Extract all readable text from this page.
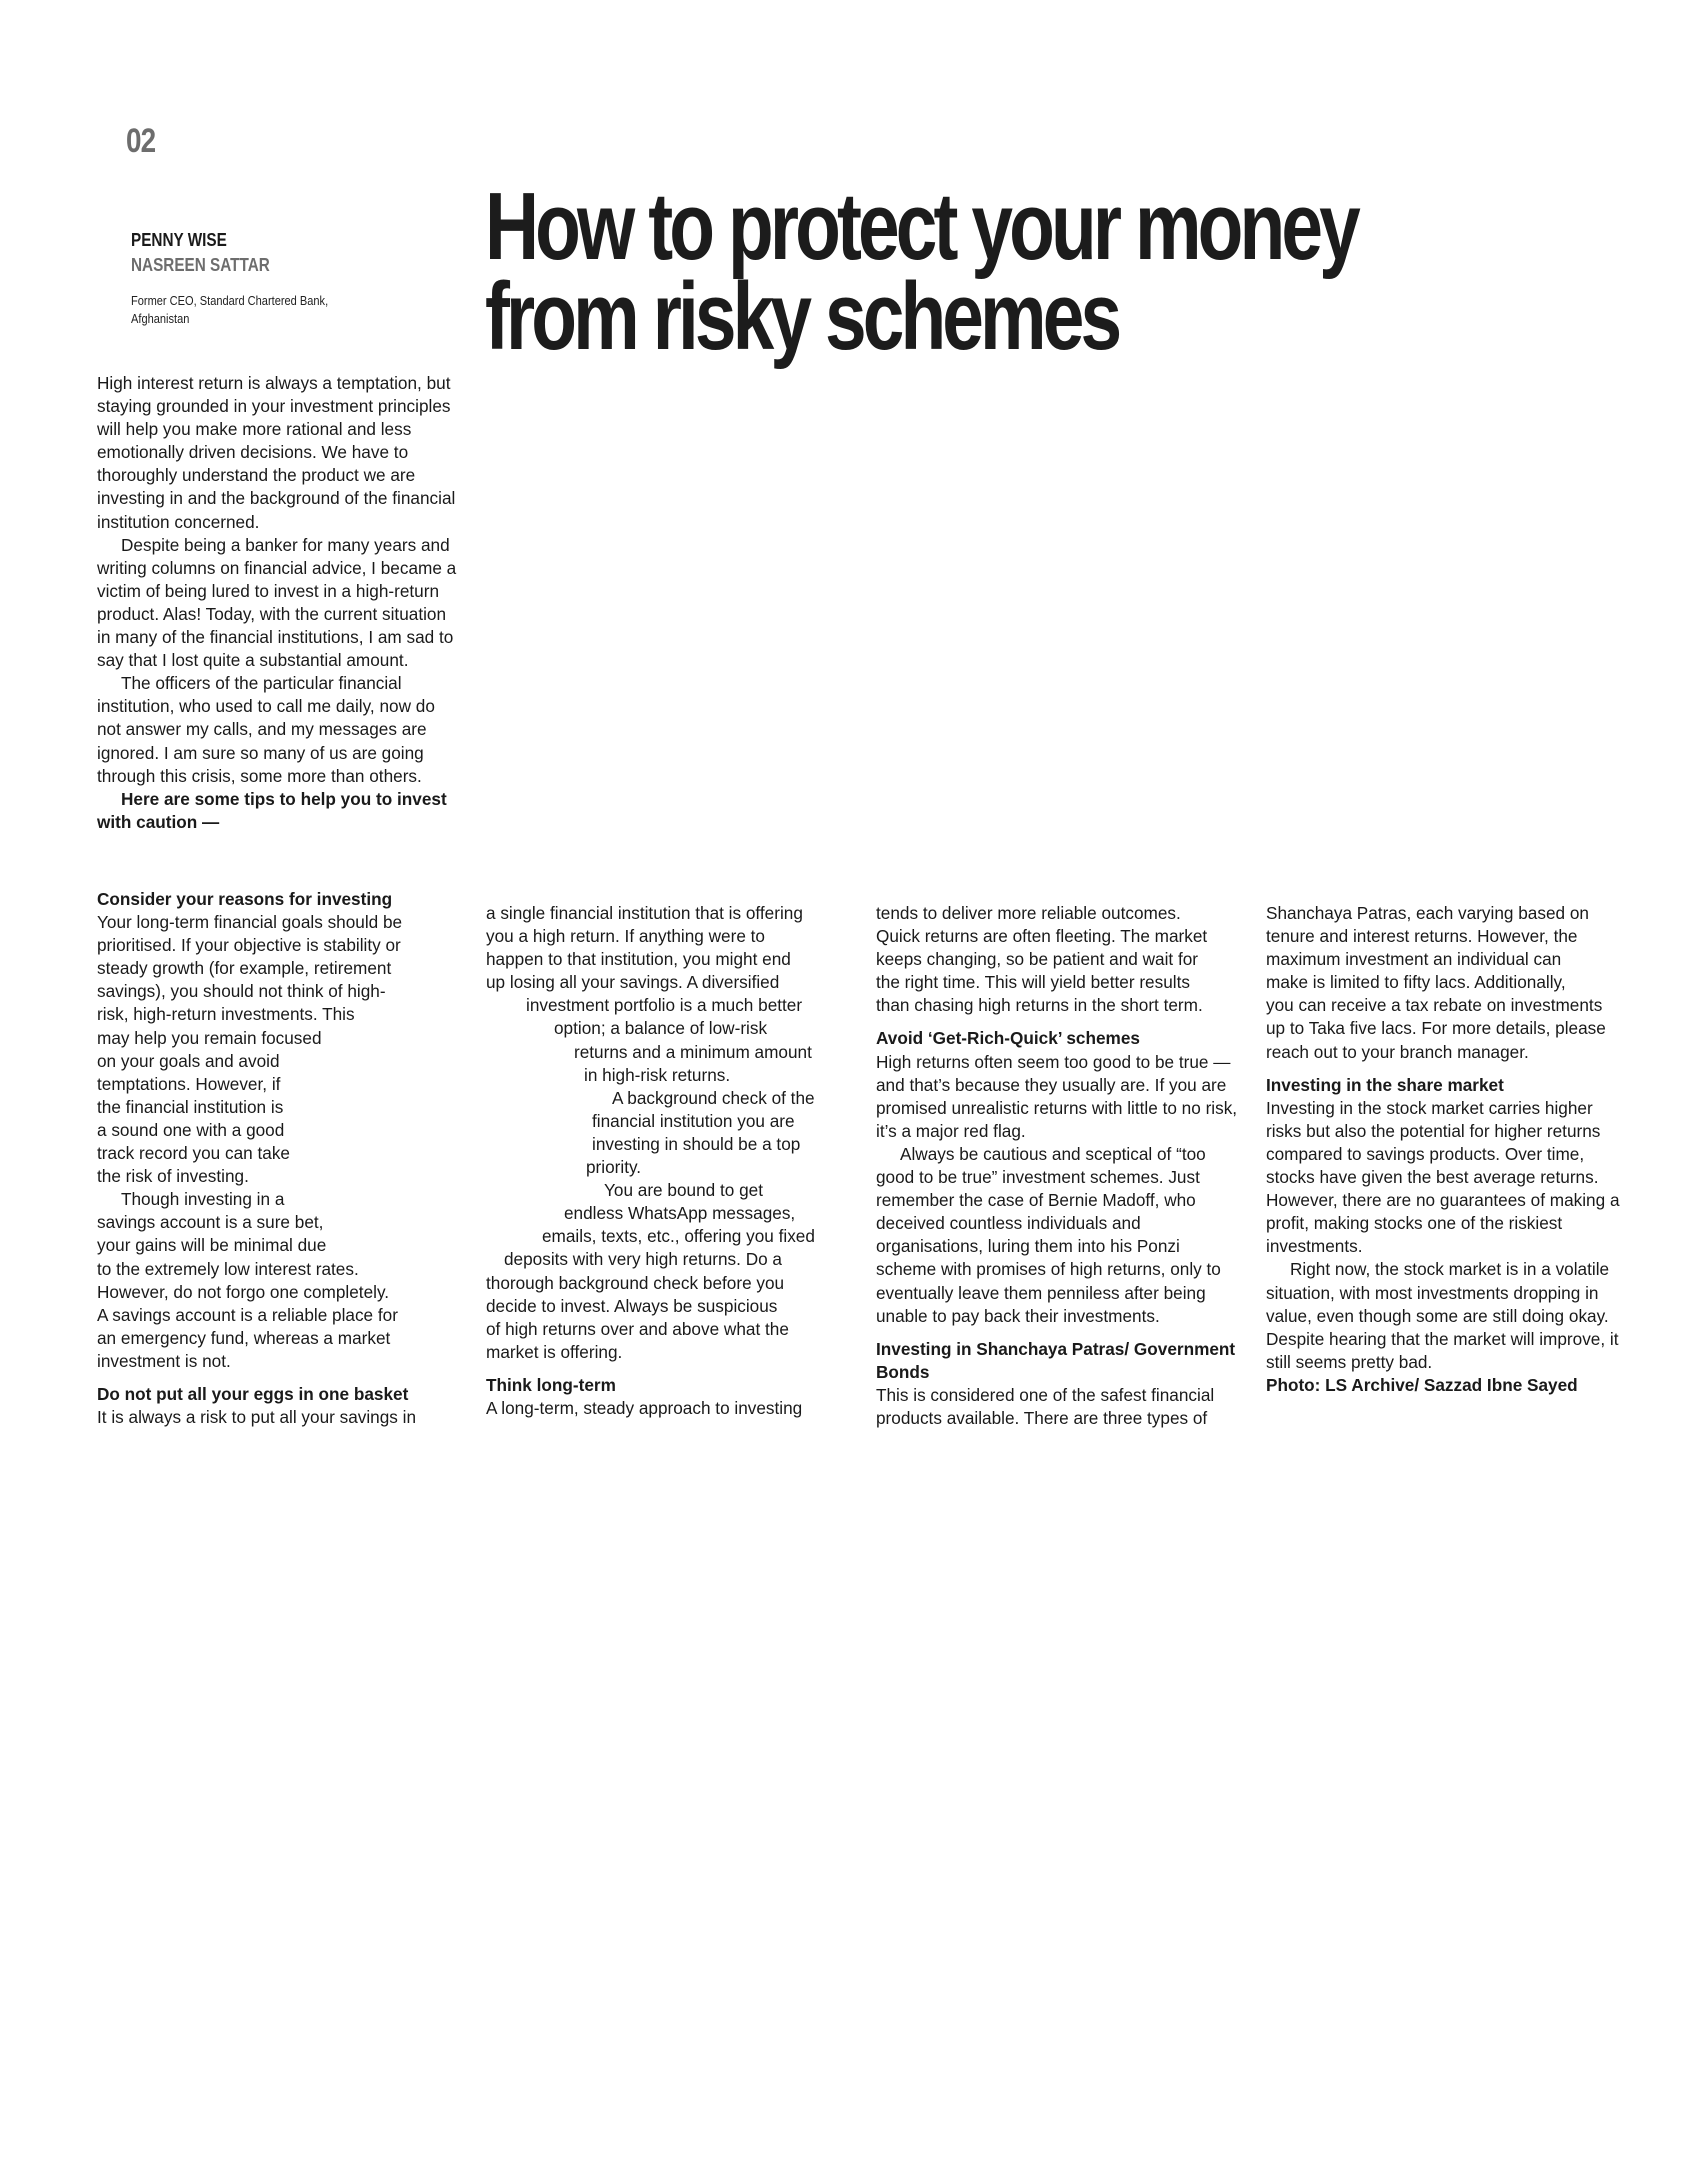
02
PENNY WISE
NASREEN SATTAR
Former CEO, Standard Chartered Bank, Afghanistan
How to protect your money from risky schemes

High interest return is always a temptation, but staying grounded in your investment principles will help you make more rational and less emotionally driven decisions. We have to thoroughly understand the product we are investing in and the background of the financial institution concerned.

Despite being a banker for many years and writing columns on financial advice, I became a victim of being lured to invest in a high-return product. Alas! Today, with the current situation in many of the financial institutions, I am sad to say that I lost quite a substantial amount.

The officers of the particular financial institution, who used to call me daily, now do not answer my calls, and my messages are ignored. I am sure so many of us are going through this crisis, some more than others.

Here are some tips to help you to invest with caution —

Consider your reasons for investing

Your long-term financial goals should be
prioritised. If your objective is stability or
steady growth (for example, retirement
savings), you should not think of high-
risk, high-return investments. This
may help you remain focused
on your goals and avoid
temptations. However, if
the financial institution is
a sound one with a good
track record you can take
the risk of investing.
Though investing in a
savings account is a sure bet,
your gains will be minimal due
to the extremely low interest rates.
However, do not forgo one completely.
A savings account is a reliable place for
an emergency fund, whereas a market
investment is not.

Do not put all your eggs in one basket

It is always a risk to put all your savings in
a single financial institution that is offering
you a high return. If anything were to
happen to that institution, you might end
up losing all your savings. A diversified
investment portfolio is a much better
option; a balance of low-risk
returns and a minimum amount
in high-risk returns.
A background check of the
financial institution you are
investing in should be a top
priority.
You are bound to get
endless WhatsApp messages,
emails, texts, etc., offering you fixed
deposits with very high returns. Do a
thorough background check before you
decide to invest. Always be suspicious
of high returns over and above what the
market is offering.

Think long-term

A long-term, steady approach to investing
tends to deliver more reliable outcomes.
Quick returns are often fleeting. The market
keeps changing, so be patient and wait for
the right time. This will yield better results
than chasing high returns in the short term.

Avoid ‘Get-Rich-Quick’ schemes

High returns often seem too good to be true — and that’s because they usually are. If you are promised unrealistic returns with little to no risk, it’s a major red flag.

Always be cautious and sceptical of “too good to be true” investment schemes. Just remember the case of Bernie Madoff, who deceived countless individuals and organisations, luring them into his Ponzi scheme with promises of high returns, only to eventually leave them penniless after being unable to pay back their investments.

Investing in Shanchaya Patras/ Government Bonds

This is considered one of the safest financial
products available. There are three types of
Shanchaya Patras, each varying based on
tenure and interest returns. However, the
maximum investment an individual can
make is limited to fifty lacs. Additionally,
you can receive a tax rebate on investments
up to Taka five lacs. For more details, please
reach out to your branch manager.

Investing in the share market

Investing in the stock market carries higher risks but also the potential for higher returns compared to savings products. Over time, stocks have given the best average returns. However, there are no guarantees of making a profit, making stocks one of the riskiest investments.

Right now, the stock market is in a volatile situation, with most investments dropping in value, even though some are still doing okay. Despite hearing that the market will improve, it still seems pretty bad.

Photo: LS Archive/ Sazzad Ibne Sayed
